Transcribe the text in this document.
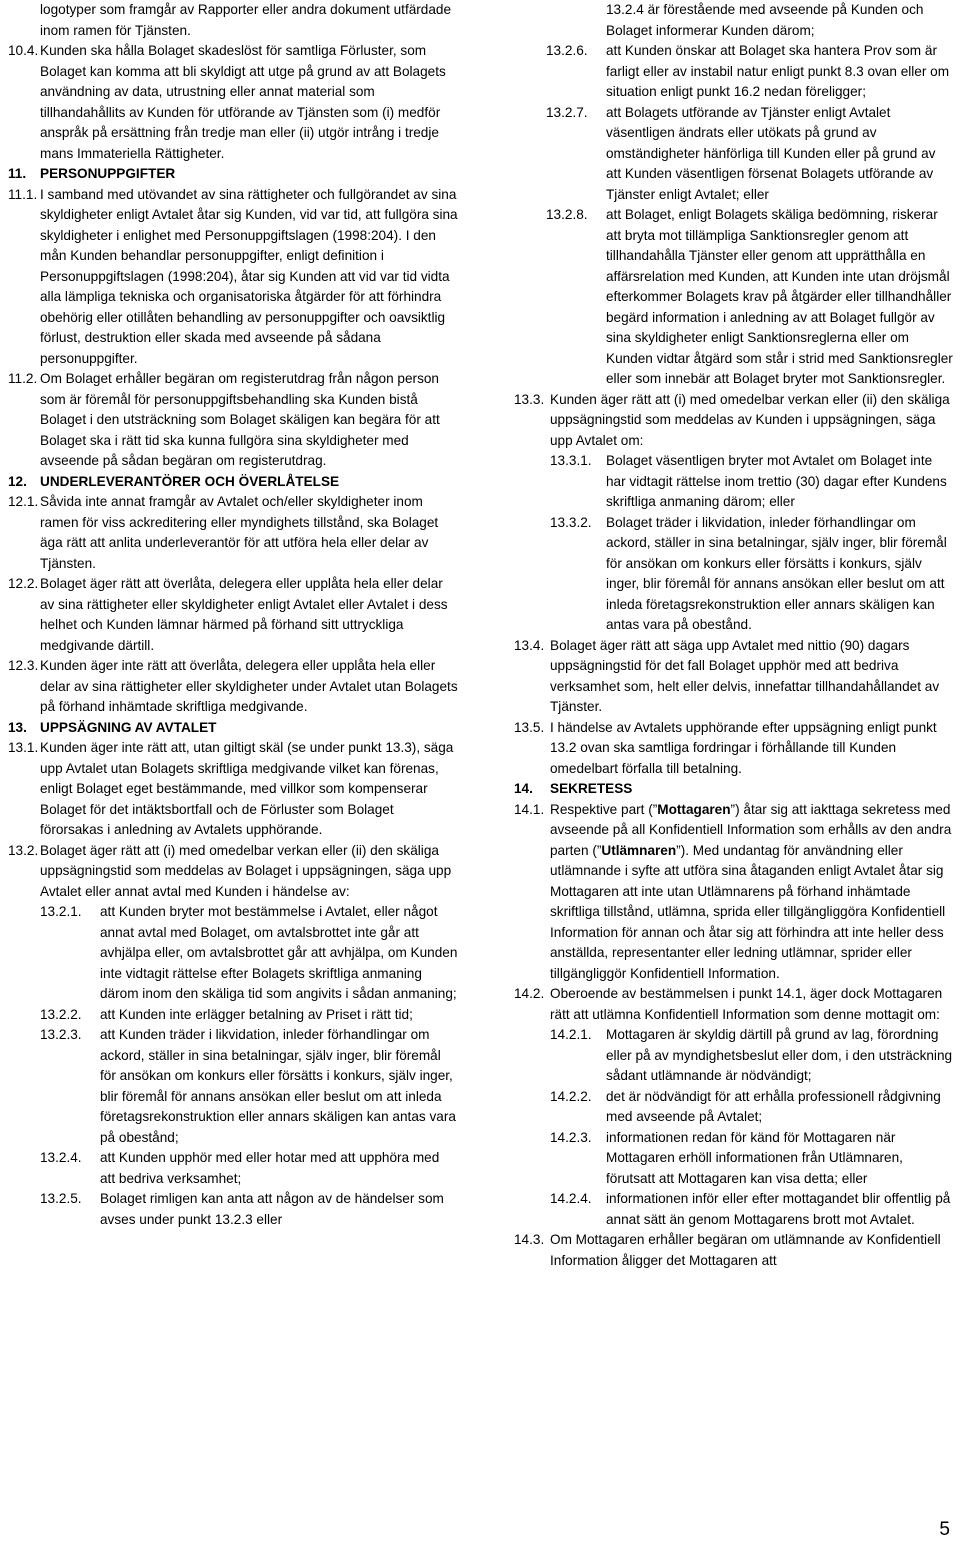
logotyper som framgår av Rapporter eller andra dokument utfärdade inom ramen för Tjänsten.
10.4. Kunden ska hålla Bolaget skadeslöst för samtliga Förluster, som Bolaget kan komma att bli skyldigt att utge på grund av att Bolagets användning av data, utrustning eller annat material som tillhandahållits av Kunden för utförande av Tjänsten som (i) medför anspråk på ersättning från tredje man eller (ii) utgör intrång i tredje mans Immateriella Rättigheter.
11.	PERSONUPPGIFTER
11.1. I samband med utövandet av sina rättigheter och fullgörandet av sina skyldigheter enligt Avtalet åtar sig Kunden, vid var tid, att fullgöra sina skyldigheter i enlighet med Personuppgiftslagen (1998:204). I den mån Kunden behandlar personuppgifter, enligt definition i Personuppgiftslagen (1998:204), åtar sig Kunden att vid var tid vidta alla lämpliga tekniska och organisatoriska åtgärder för att förhindra obehörig eller otillåten behandling av personuppgifter och oavsiktlig förlust, destruktion eller skada med avseende på sådana personuppgifter.
11.2. Om Bolaget erhåller begäran om registerutdrag från någon person som är föremål för personuppgiftsbehandling ska Kunden bistå Bolaget i den utsträckning som Bolaget skäligen kan begära för att Bolaget ska i rätt tid ska kunna fullgöra sina skyldigheter med avseende på sådan begäran om registerutdrag.
12. UNDERLEVERANTÖRER OCH ÖVERLÅTELSE
12.1. Såvida inte annat framgår av Avtalet och/eller skyldigheter inom ramen för viss ackreditering eller myndighets tillstånd, ska Bolaget äga rätt att anlita underleverantör för att utföra hela eller delar av Tjänsten.
12.2. Bolaget äger rätt att överlåta, delegera eller upplåta hela eller delar av sina rättigheter eller skyldigheter enligt Avtalet eller Avtalet i dess helhet och Kunden lämnar härmed på förhand sitt uttryckliga medgivande därtill.
12.3. Kunden äger inte rätt att överlåta, delegera eller upplåta hela eller delar av sina rättigheter eller skyldigheter under Avtalet utan Bolagets på förhand inhämtade skriftliga medgivande.
13. UPPSÄGNING AV AVTALET
13.1. Kunden äger inte rätt att, utan giltigt skäl (se under punkt 13.3), säga upp Avtalet utan Bolagets skriftliga medgivande vilket kan förenas, enligt Bolaget eget bestämmande, med villkor som kompenserar Bolaget för det intäktsbortfall och de Förluster som Bolaget förorsakas i anledning av Avtalets upphörande.
13.2. Bolaget äger rätt att (i) med omedelbar verkan eller (ii) den skäliga uppsägningstid som meddelas av Bolaget i uppsägningen, säga upp Avtalet eller annat avtal med Kunden i händelse av:
13.2.1.	att Kunden bryter mot bestämmelse i Avtalet, eller något annat avtal med Bolaget, om avtalsbrottet inte går att avhjälpa eller, om avtalsbrottet går att avhjälpa, om Kunden inte vidtagit rättelse efter Bolagets skriftliga anmaning därom inom den skäliga tid som angivits i sådan anmaning;
13.2.2.	att Kunden inte erlägger betalning av Priset i rätt tid;
13.2.3.	att Kunden träder i likvidation, inleder förhandlingar om ackord, ställer in sina betalningar, själv inger, blir föremål för ansökan om konkurs eller försätts i konkurs, själv inger, blir föremål för annans ansökan eller beslut om att inleda företagsrekonstruktion eller annars skäligen kan antas vara på obestånd;
13.2.4.	att Kunden upphör med eller hotar med att upphöra med att bedriva verksamhet;
13.2.5.	Bolaget rimligen kan anta att någon av de händelser som avses under punkt 13.2.3 eller
13.2.4 är förestående med avseende på Kunden och Bolaget informerar Kunden därom;
13.2.6.	att Kunden önskar att Bolaget ska hantera Prov som är farligt eller av instabil natur enligt punkt 8.3 ovan eller om situation enligt punkt 16.2 nedan föreligger;
13.2.7.	att Bolagets utförande av Tjänster enligt Avtalet väsentligen ändrats eller utökats på grund av omständigheter hänförliga till Kunden eller på grund av att Kunden väsentligen försenat Bolagets utförande av Tjänster enligt Avtalet; eller
13.2.8.	att Bolaget, enligt Bolagets skäliga bedömning, riskerar att bryta mot tillämpliga Sanktionsregler genom att tillhandahålla Tjänster eller genom att upprätthålla en affärsrelation med Kunden, att Kunden inte utan dröjsmål efterkommer Bolagets krav på åtgärder eller tillhandhåller begärd information i anledning av att Bolaget fullgör av sina skyldigheter enligt Sanktionsreglerna eller om Kunden vidtar åtgärd som står i strid med Sanktionsregler eller som innebär att Bolaget bryter mot Sanktionsregler.
13.3. Kunden äger rätt att (i) med omedelbar verkan eller (ii) den skäliga uppsägningstid som meddelas av Kunden i uppsägningen, säga upp Avtalet om:
13.3.1.	Bolaget väsentligen bryter mot Avtalet om Bolaget inte har vidtagit rättelse inom trettio (30) dagar efter Kundens skriftliga anmaning därom; eller
13.3.2.	Bolaget träder i likvidation, inleder förhandlingar om ackord, ställer in sina betalningar, själv inger, blir föremål för ansökan om konkurs eller försätts i konkurs, själv inger, blir föremål för annans ansökan eller beslut om att inleda företagsrekonstruktion eller annars skäligen kan antas vara på obestånd.
13.4. Bolaget äger rätt att säga upp Avtalet med nittio (90) dagars uppsägningstid för det fall Bolaget upphör med att bedriva verksamhet som, helt eller delvis, innefattar tillhandahållandet av Tjänster.
13.5. I händelse av Avtalets upphörande efter uppsägning enligt punkt 13.2 ovan ska samtliga fordringar i förhållande till Kunden omedelbart förfalla till betalning.
14.	SEKRETESS
14.1. Respektive part (”Mottagaren”) åtar sig att iakttaga sekretess med avseende på all Konfidentiell Information som erhålls av den andra parten (”Utlämnaren”). Med undantag för användning eller utlämnande i syfte att utföra sina åtaganden enligt Avtalet åtar sig Mottagaren att inte utan Utlämnarens på förhand inhämtade skriftliga tillstånd, utlämna, sprida eller tillgängliggöra Konfidentiell Information för annan och åtar sig att förhindra att inte heller dess anställda, representanter eller ledning utlämnar, sprider eller tillgängliggör Konfidentiell Information.
14.2. Oberoende av bestämmelsen i punkt 14.1, äger dock Mottagaren rätt att utlämna Konfidentiell Information som denne mottagit om:
14.2.1.	Mottagaren är skyldig därtill på grund av lag, förordning eller på av myndighetsbeslut eller dom, i den utsträckning sådant utlämnande är nödvändigt;
14.2.2.	det är nödvändigt för att erhålla professionell rådgivning med avseende på Avtalet;
14.2.3.	informationen redan för känd för Mottagaren när Mottagaren erhöll informationen från Utlämnaren, förutsatt att Mottagaren kan visa detta; eller
14.2.4.	informationen inför eller efter mottagandet blir offentlig på annat sätt än genom Mottagarens brott mot Avtalet.
14.3. Om Mottagaren erhåller begäran om utlämnande av Konfidentiell Information åligger det Mottagaren att
5
